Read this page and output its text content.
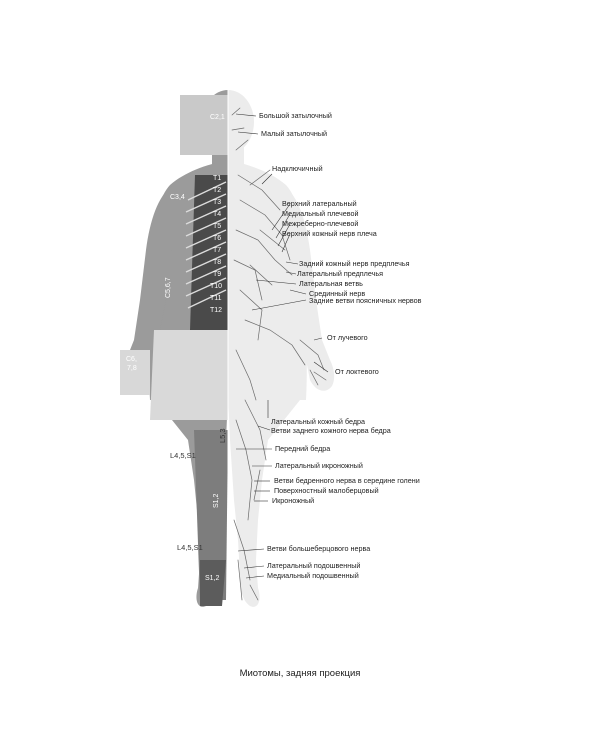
C2,1
C3,4
C5,6,7
T1
T2
T3
T4
T5
T6
T7
T8
T9
T10
T11
T12
C6,
7,8
L4,5,S1
L4,5,S1
S1,2
S1,2
L5,3
Большой затылочный
Малый затылочный
Надключичный
Верхний латеральный
Медиальный плечевой
Межреберно-плечевой
Верхний кожный нерв плеча
Задний кожный нерв предплечья
Латеральный предплечья
Латеральная ветвь
Срединный нерв
Задние ветви поясничных нервов
От лучевого
От локтевого
Латеральный кожный бедра
Ветви заднего кожного нерва бедра
Передний бедра
Латеральный икроножный
Ветви бедренного нерва в середине голени
Поверхностный малоберцовый
Икроножный
Ветви большеберцового нерва
Латеральный подошвенный
Медиальный подошвенный
Миотомы, задняя проекция
